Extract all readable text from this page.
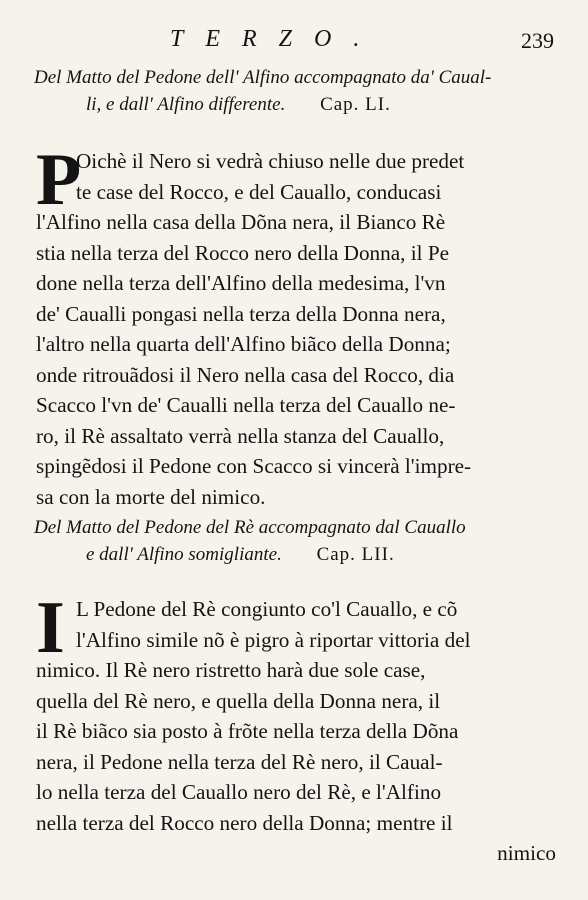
TERZO.	239
Del Matto del Pedone dell' Alfino accompagnato da' Caual-
li, e dall' Alfino differente. Cap. LI.
P
Oichè il Nero si vedrà chiuso nelle due predet
te case del Rocco, e del Cauallo, conducasi
l'Alfino nella casa della Dõna nera, il Bianco Rè
stia nella terza del Rocco nero della Donna, il Pe
done nella terza dell'Alfino della medesima, l'vn
de' Caualli pongasi nella terza della Donna nera,
l'altro nella quarta dell'Alfino biãco della Donna;
onde ritrouãdosi il Nero nella casa del Rocco, dia
Scacco l'vn de' Caualli nella terza del Cauallo ne-
ro, il Rè assaltato verrà nella stanza del Cauallo,
spingẽdosi il Pedone con Scacco si vincerà l'impre-
sa con la morte del nimico.
Del Matto del Pedone del Rè accompagnato dal Cauallo
e dall' Alfino somigliante. Cap. LII.
I L Pedone del Rè congiunto co'l Cauallo, e cõ
l'Alfino simile nõ è pigro à riportar vittoria del
nimico. Il Rè nero ristretto harà due sole case,
quella del Rè nero, e quella della Donna nera, il
il Rè biãco sia posto à frõte nella terza della Dõna
nera, il Pedone nella terza del Rè nero, il Caual-
lo nella terza del Cauallo nero del Rè, e l'Alfino
nella terza del Rocco nero della Donna; mentre il
nimico
